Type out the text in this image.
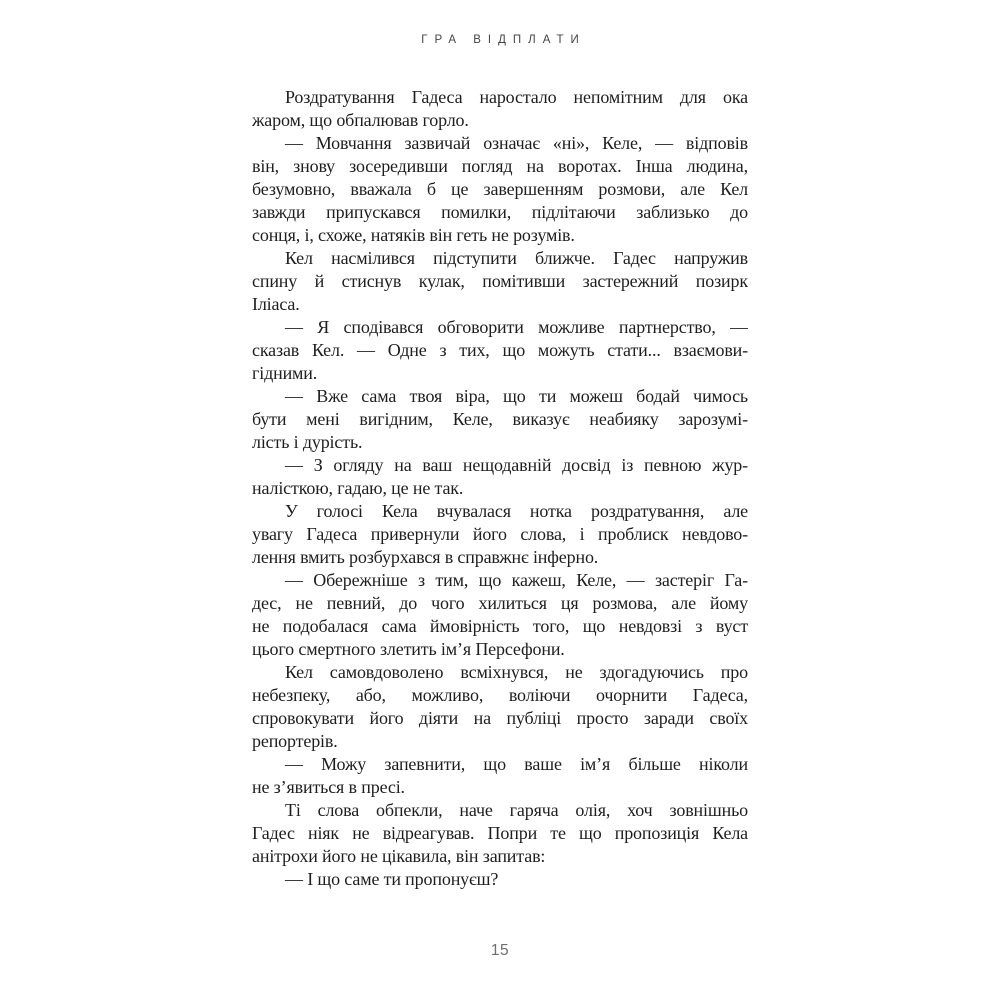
ГРА ВІДПЛАТИ
Роздратування Гадеса наростало непомітним для ока
жаром, що обпалював горло.
— Мовчання зазвичай означає «ні», Келе, — відповів
він, знову зосередивши погляд на воротах. Інша людина,
безумовно, вважала б це завершенням розмови, але Кел
завжди припускався помилки, підлітаючи заблизько до
сонця, і, схоже, натяків він геть не розумів.
Кел насмілився підступити ближче. Гадес напружив
спину й стиснув кулак, помітивши застережний позирк
Іліаса.
— Я сподівався обговорити можливе партнерство, —
сказав Кел. — Одне з тих, що можуть стати... взаємови-
гідними.
— Вже сама твоя віра, що ти можеш бодай чимось
бути мені вигідним, Келе, виказує неабияку зарозумі-
лість і дурість.
— З огляду на ваш нещодавній досвід із певною жур-
налісткою, гадаю, це не так.
У голосі Кела вчувалася нотка роздратування, але
увагу Гадеса привернули його слова, і проблиск невдово-
лення вмить розбурхався в справжнє інферно.
— Обережніше з тим, що кажеш, Келе, — застеріг Га-
дес, не певний, до чого хилиться ця розмова, але йому
не подобалася сама ймовірність того, що невдовзі з вуст
цього смертного злетить ім’я Персефони.
Кел самовдоволено всміхнувся, не здогадуючись про
небезпеку, або, можливо, воліючи очорнити Гадеса,
спровокувати його діяти на публіці просто заради своїх
репортерів.
— Можу запевнити, що ваше ім’я більше ніколи
не з’явиться в пресі.
Ті слова обпекли, наче гаряча олія, хоч зовнішньо
Гадес ніяк не відреагував. Попри те що пропозиція Кела
анітрохи його не цікавила, він запитав:
— І що саме ти пропонуєш?
15
